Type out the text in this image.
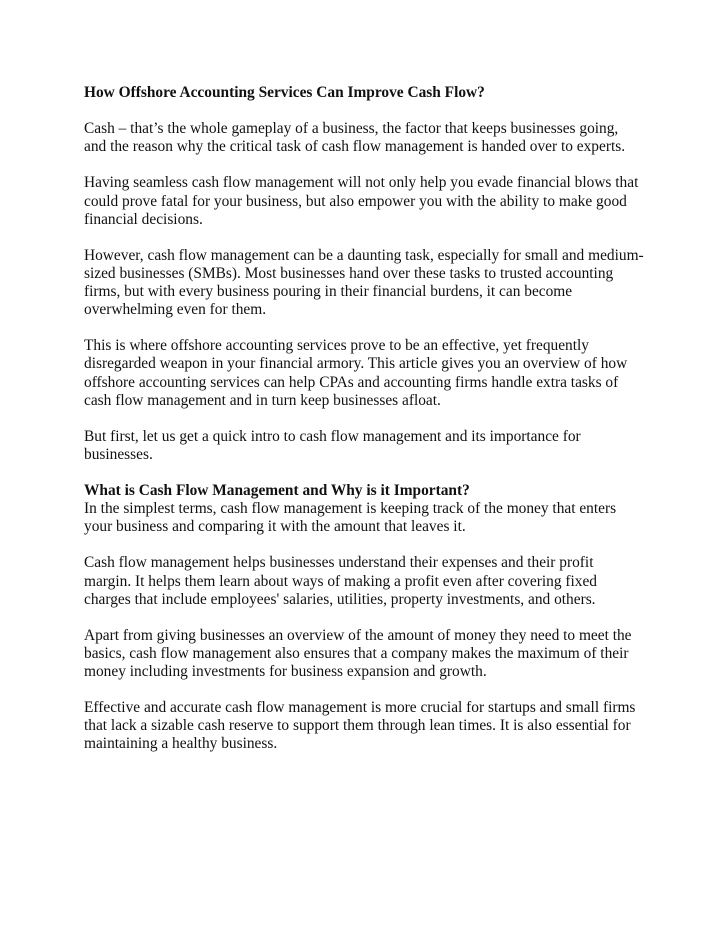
How Offshore Accounting Services Can Improve Cash Flow?

Cash – that’s the whole gameplay of a business, the factor that keeps businesses going, and the reason why the critical task of cash flow management is handed over to experts.

Having seamless cash flow management will not only help you evade financial blows that could prove fatal for your business, but also empower you with the ability to make good financial decisions.

However, cash flow management can be a daunting task, especially for small and medium-sized businesses (SMBs). Most businesses hand over these tasks to trusted accounting firms, but with every business pouring in their financial burdens, it can become overwhelming even for them.

This is where offshore accounting services prove to be an effective, yet frequently disregarded weapon in your financial armory. This article gives you an overview of how offshore accounting services can help CPAs and accounting firms handle extra tasks of cash flow management and in turn keep businesses afloat.

But first, let us get a quick intro to cash flow management and its importance for businesses.

What is Cash Flow Management and Why is it Important?

In the simplest terms, cash flow management is keeping track of the money that enters your business and comparing it with the amount that leaves it.

Cash flow management helps businesses understand their expenses and their profit margin. It helps them learn about ways of making a profit even after covering fixed charges that include employees' salaries, utilities, property investments, and others.

Apart from giving businesses an overview of the amount of money they need to meet the basics, cash flow management also ensures that a company makes the maximum of their money including investments for business expansion and growth.

Effective and accurate cash flow management is more crucial for startups and small firms that lack a sizable cash reserve to support them through lean times. It is also essential for maintaining a healthy business.
